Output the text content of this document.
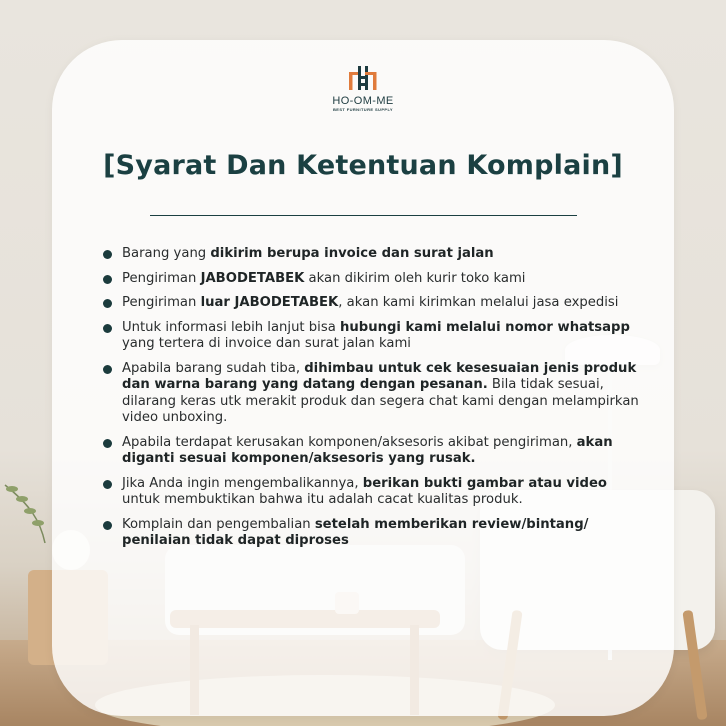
HO-OM-ME
BEST FURNITURE SUPPLY
[Syarat Dan Ketentuan Komplain]
Barang yang dikirim berupa invoice dan surat jalan
Pengiriman JABODETABEK akan dikirim oleh kurir toko kami
Pengiriman luar JABODETABEK, akan kami kirimkan melalui jasa expedisi
Untuk informasi lebih lanjut bisa hubungi kami melalui nomor whatsapp yang tertera di invoice dan surat jalan kami
Apabila barang sudah tiba, dihimbau untuk cek kesesuaian jenis produk dan warna barang yang datang dengan pesanan. Bila tidak sesuai, dilarang keras utk merakit produk dan segera chat kami dengan melampirkan video unboxing.
Apabila terdapat kerusakan komponen/aksesoris akibat pengiriman, akan diganti sesuai komponen/aksesoris yang rusak.
Jika Anda ingin mengembalikannya, berikan bukti gambar atau video untuk membuktikan bahwa itu adalah cacat kualitas produk.
Komplain dan pengembalian setelah memberikan review/bintang/ penilaian tidak dapat diproses
